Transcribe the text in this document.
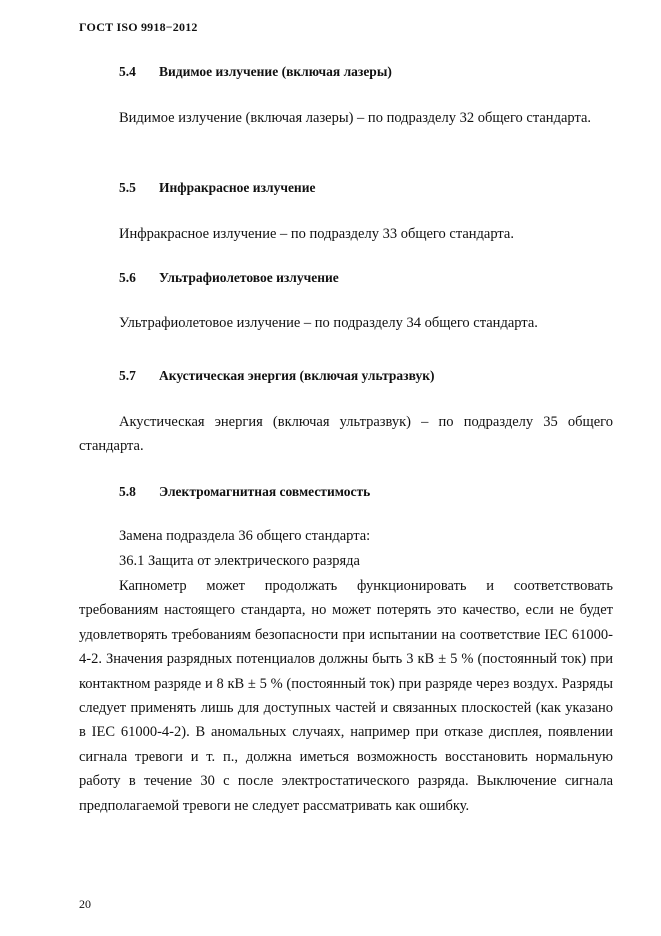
ГОСТ ISO 9918−2012
5.4 Видимое излучение (включая лазеры)
Видимое излучение (включая лазеры) – по подразделу 32 общего стандарта.
5.5 Инфракрасное излучение
Инфракрасное излучение – по подразделу 33 общего стандарта.
5.6 Ультрафиолетовое излучение
Ультрафиолетовое излучение – по подразделу 34 общего стандарта.
5.7 Акустическая энергия (включая ультразвук)
Акустическая энергия (включая ультразвук) – по подразделу 35 общего стандарта.
5.8 Электромагнитная совместимость
Замена подраздела 36 общего стандарта:
36.1 Защита от электрического разряда
Капнометр может продолжать функционировать и соответствовать требованиям настоящего стандарта, но может потерять это качество, если не будет удовлетворять требованиям безопасности при испытании на соответствие IEC 61000-4-2. Значения разрядных потенциалов должны быть 3 кВ ± 5 % (постоянный ток) при контактном разряде и 8 кВ ± 5 % (постоянный ток) при разряде через воздух. Разряды следует применять лишь для доступных частей и связанных плоскостей (как указано в IEC 61000-4-2). В аномальных случаях, например при отказе дисплея, появлении сигнала тревоги и т. п., должна иметься возможность восстановить нормальную работу в течение 30 с после электростатического разряда. Выключение сигнала предполагаемой тревоги не следует рассматривать как ошибку.
20
